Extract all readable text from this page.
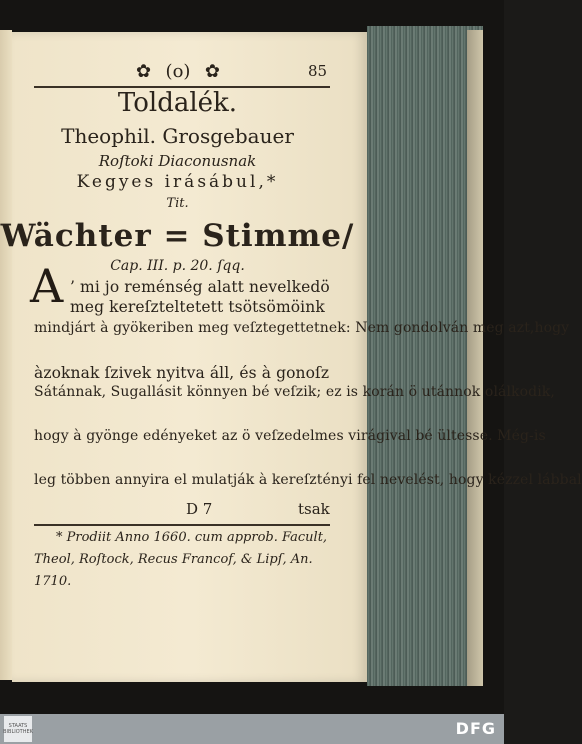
✿ (o) ✿	85
Toldalék.
Theophil. Grosgebauer
Roſtoki Diaconusnak
Kegyes irásábul,*
Tit.
Wächter = Stimme/
Cap. III. p. 20. ſqq.
A ’ mi jo reménség alatt nevelkedö
meg kereſzteltetett tsötsömöink
mindjárt à gyökeriben meg veſztegettetnek: Nem gondolván meg azt,hogy
àzoknak ſzivek nyitva áll, és à gonoſz
Sátánnak, Sugallásit könnyen bé veſzik; ez is korán ö utánnok olálkodik,
hogy à gyönge edényeket az ö veſzedelmes virágival bé ültesse. Még-is
leg többen annyira el mulatják à kereſztényi fel nevelést, hogy kézzel lábbal
D 7	tsak
* Prodiit Anno 1660. cum approb. Facult,
Theol, Roſtock, Recus Francof, & Lipſ, An.
1710.
STAATS BIBLIOTHEK	DFG
